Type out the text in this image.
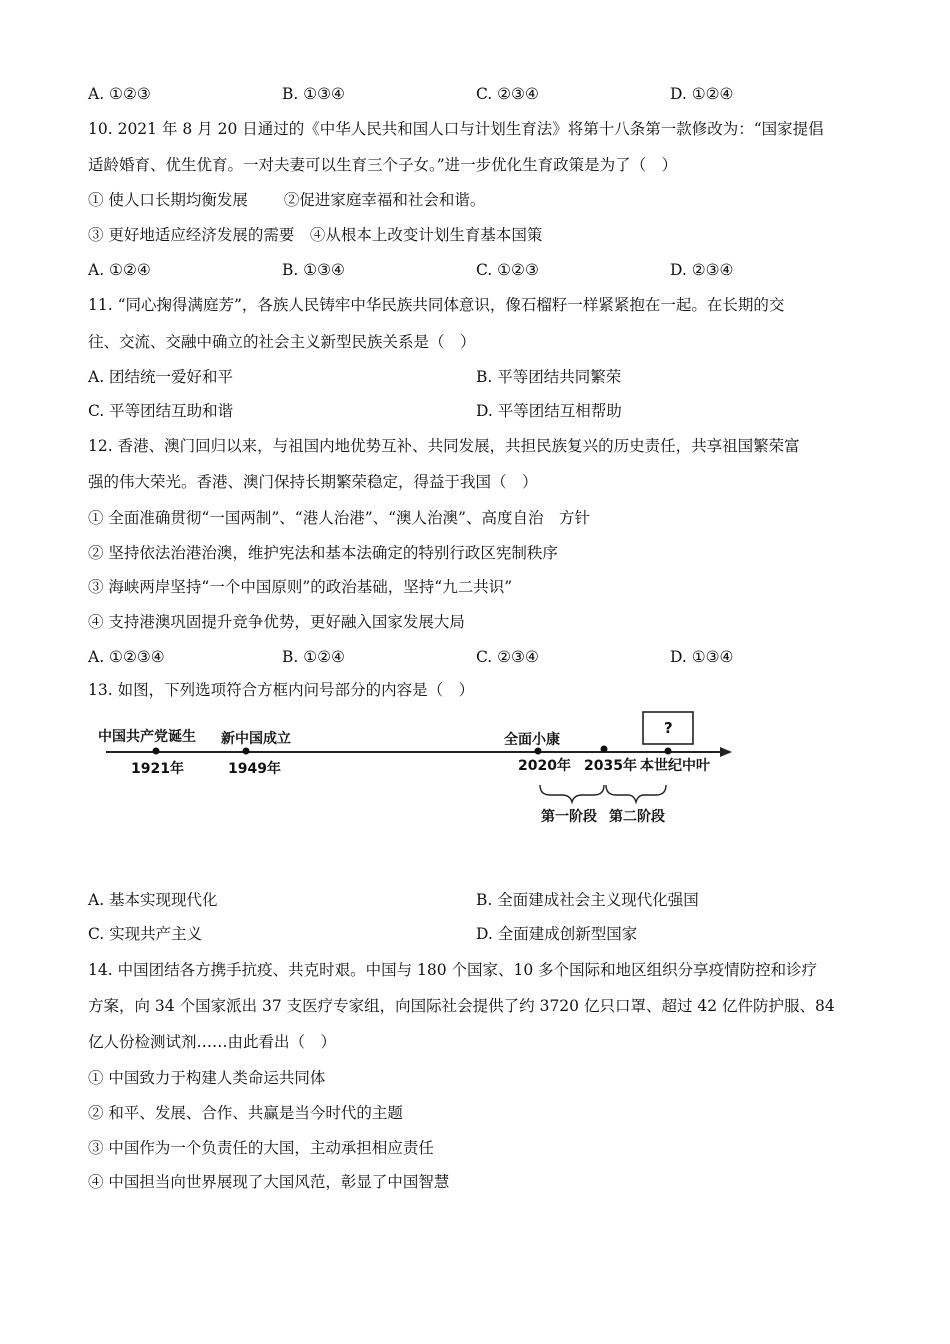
A. ①②③	B. ①③④	C. ②③④	D. ①②④
10. 2021 年 8 月 20 日通过的《中华人民共和国人口与计划生育法》将第十八条第一款修改为：“国家提倡
适龄婚育、优生优育。一对夫妻可以生育三个子女。”进一步优化生育政策是为了（　）
① 使人口长期均衡发展　　 ②促进家庭幸福和社会和谐。
③ 更好地适应经济发展的需要　④从根本上改变计划生育基本国策
A. ①②④	B. ①③④	C. ①②③	D. ②③④
11. “同心掬得满庭芳”，各族人民铸牢中华民族共同体意识，像石榴籽一样紧紧抱在一起。在长期的交
往、交流、交融中确立的社会主义新型民族关系是（　）
A. 团结统一爱好和平	B. 平等团结共同繁荣
C. 平等团结互助和谐	D. 平等团结互相帮助
12. 香港、澳门回归以来，与祖国内地优势互补、共同发展，共担民族复兴的历史责任，共享祖国繁荣富
强的伟大荣光。香港、澳门保持长期繁荣稳定，得益于我国（　）
① 全面准确贯彻“一国两制”、“港人治港”、“澳人治澳”、高度自治　方针
② 坚持依法治港治澳，维护宪法和基本法确定的特别行政区宪制秩序
③ 海峡两岸坚持“一个中国原则”的政治基础，坚持“九二共识”
④ 支持港澳巩固提升竞争优势，更好融入国家发展大局
A. ①②③④	B. ①②④	C. ②③④	D. ①③④
13. 如图，下列选项符合方框内问号部分的内容是（　）
中国共产党诞生
1921年
新中国成立
1949年
全面小康
2020年 2035年 本世纪中叶
?
第一阶段 第二阶段
A. 基本实现现代化	B. 全面建成社会主义现代化强国
C. 实现共产主义	D. 全面建成创新型国家
14. 中国团结各方携手抗疫、共克时艰。中国与 180 个国家、10 多个国际和地区组织分享疫情防控和诊疗
方案，向 34 个国家派出 37 支医疗专家组，向国际社会提供了约 3720 亿只口罩、超过 42 亿件防护服、84
亿人份检测试剂……由此看出（　）
① 中国致力于构建人类命运共同体
② 和平、发展、合作、共赢是当今时代的主题
③ 中国作为一个负责任的大国，主动承担相应责任
④ 中国担当向世界展现了大国风范，彰显了中国智慧
